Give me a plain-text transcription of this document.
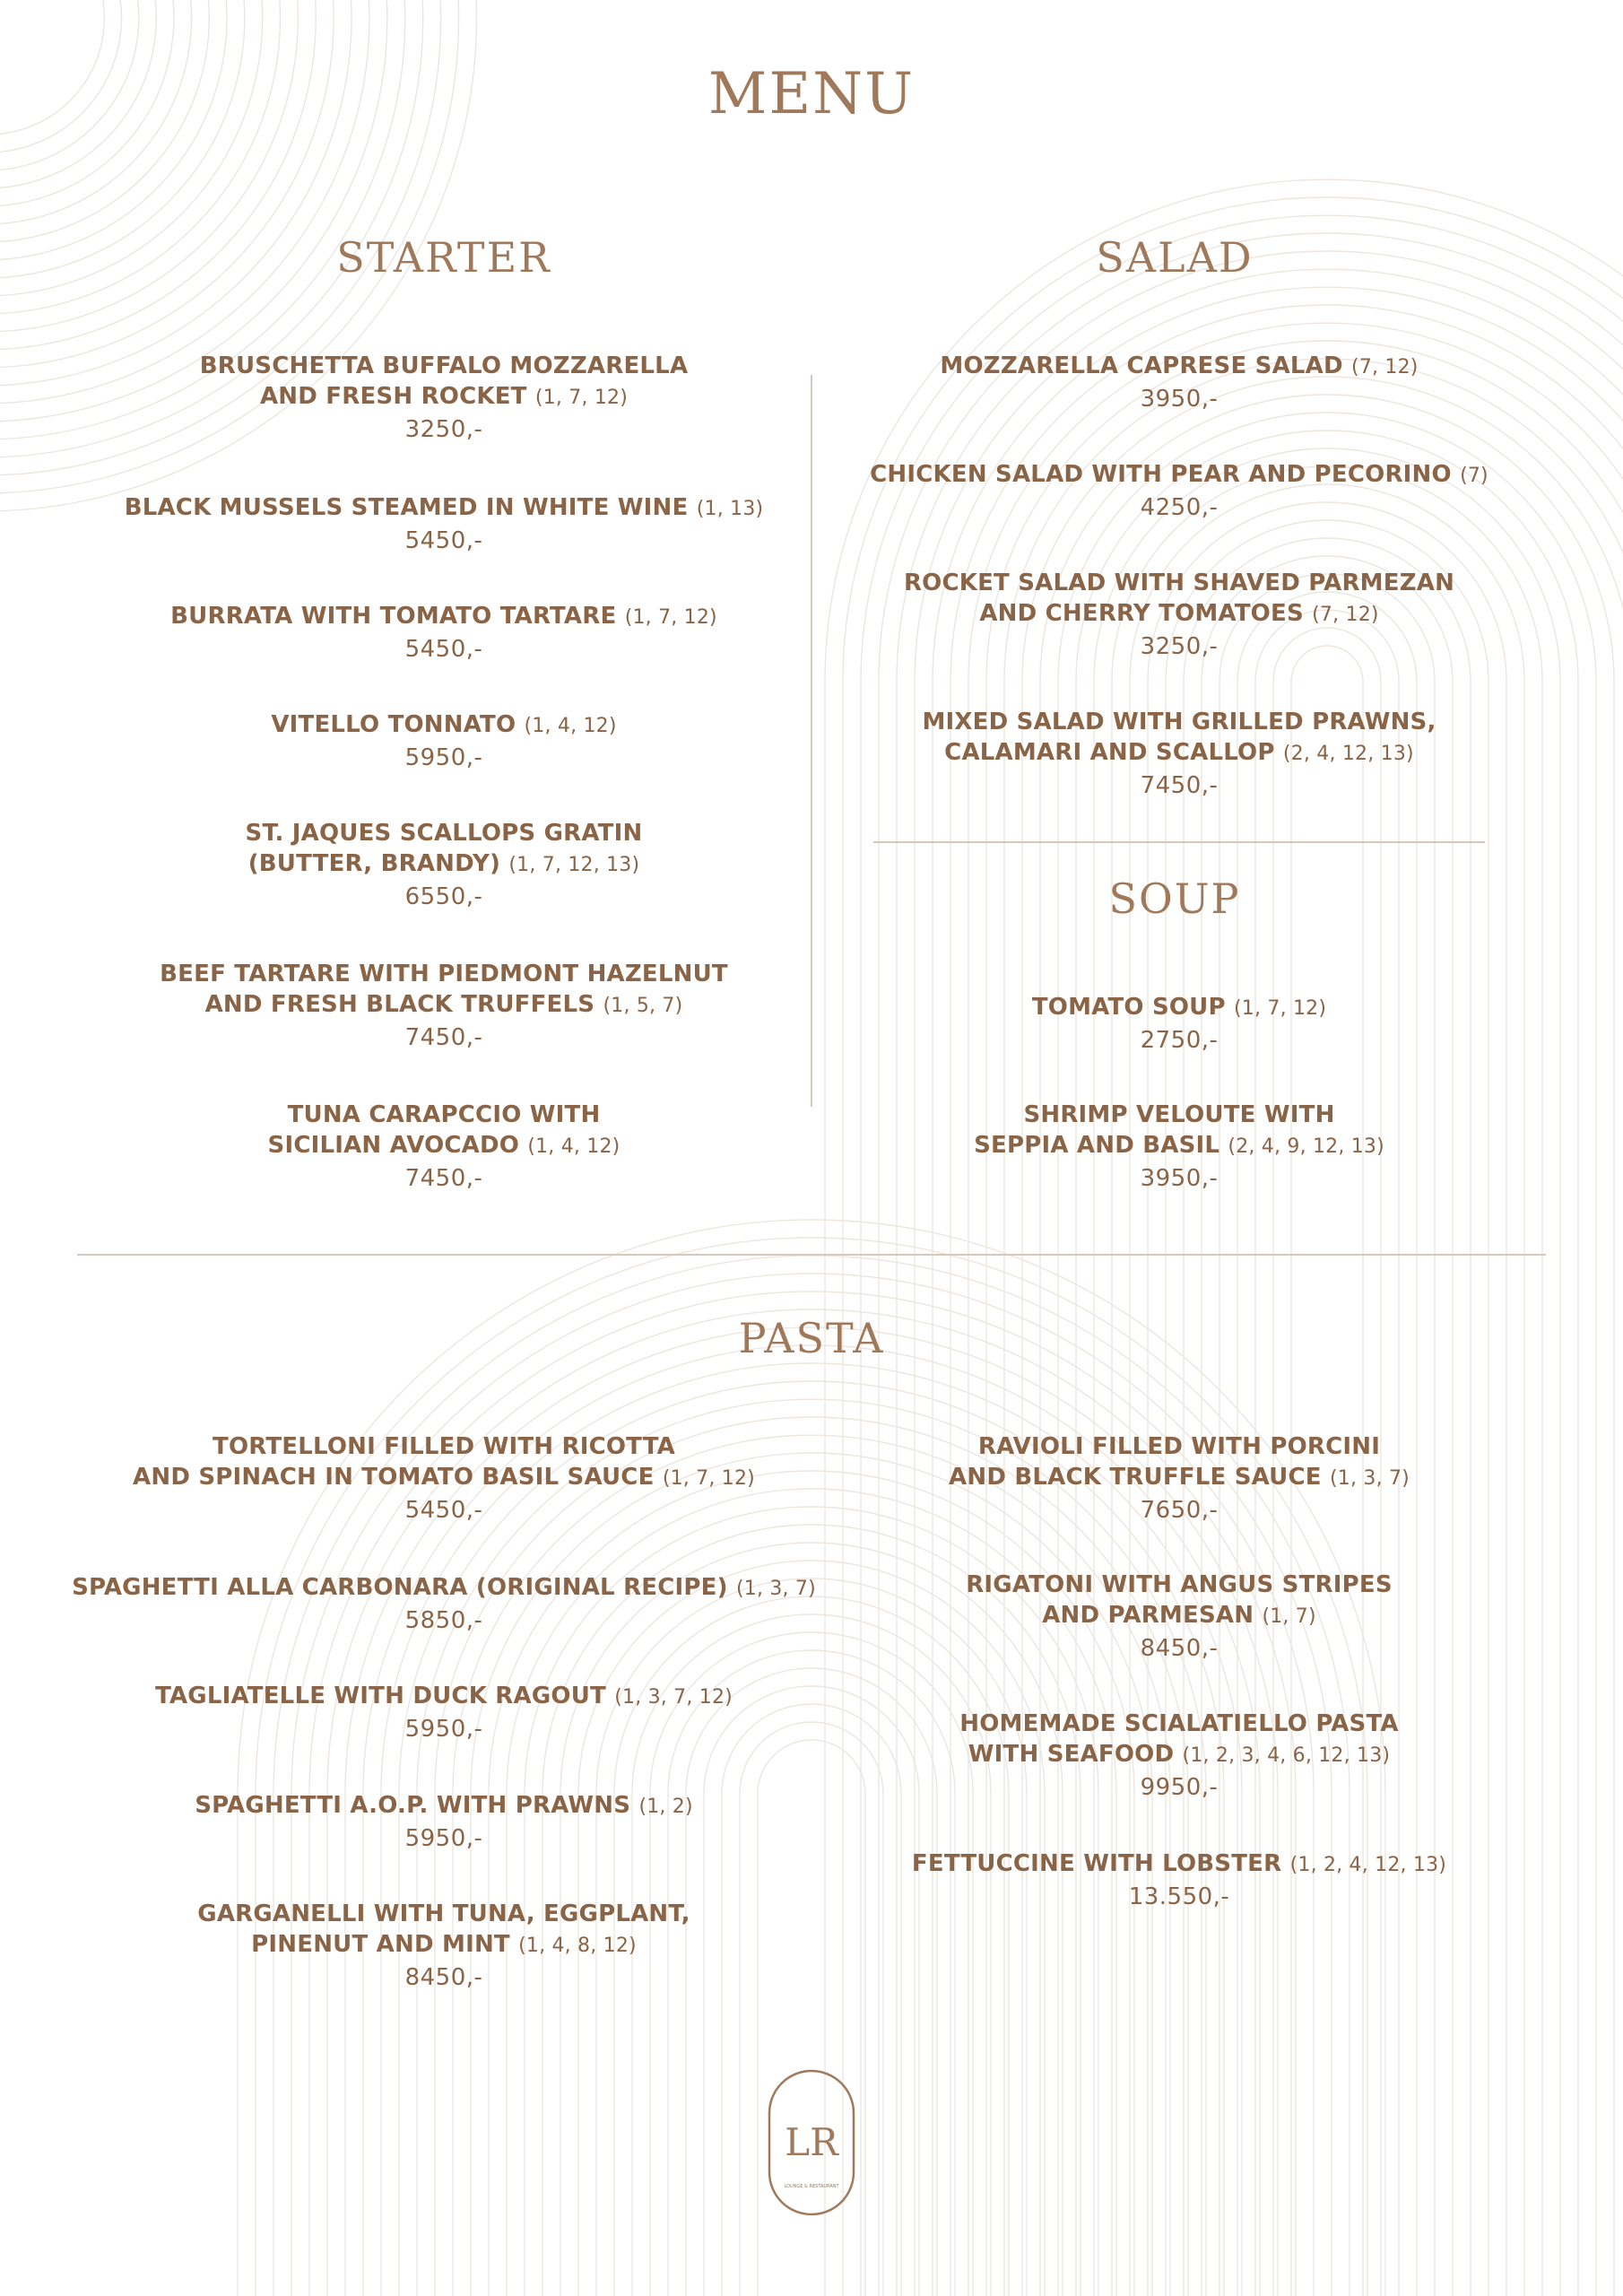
MENU
STARTER	SALAD
SOUP
PASTA
BRUSCHETTA BUFFALO MOZZARELLA
AND FRESH ROCKET (1, 7, 12)
3250,-
BLACK MUSSELS STEAMED IN WHITE WINE (1, 13)
5450,-
BURRATA WITH TOMATO TARTARE (1, 7, 12)
5450,-
VITELLO TONNATO (1, 4, 12)
5950,-
ST. JAQUES SCALLOPS GRATIN
(BUTTER, BRANDY) (1, 7, 12, 13)
6550,-
BEEF TARTARE WITH PIEDMONT HAZELNUT
AND FRESH BLACK TRUFFELS (1, 5, 7)
7450,-
TUNA CARAPCCIO WITH
SICILIAN AVOCADO (1, 4, 12)
7450,-
MOZZARELLA CAPRESE SALAD (7, 12)
3950,-
CHICKEN SALAD WITH PEAR AND PECORINO (7)
4250,-
ROCKET SALAD WITH SHAVED PARMEZAN
AND CHERRY TOMATOES (7, 12)
3250,-
MIXED SALAD WITH GRILLED PRAWNS,
CALAMARI AND SCALLOP (2, 4, 12, 13)
7450,-
TOMATO SOUP (1, 7, 12)
2750,-
SHRIMP VELOUTE WITH
SEPPIA AND BASIL (2, 4, 9, 12, 13)
3950,-
TORTELLONI FILLED WITH RICOTTA
AND SPINACH IN TOMATO BASIL SAUCE (1, 7, 12)
5450,-
SPAGHETTI ALLA CARBONARA (ORIGINAL RECIPE) (1, 3, 7)
5850,-
TAGLIATELLE WITH DUCK RAGOUT (1, 3, 7, 12)
5950,-
SPAGHETTI A.O.P. WITH PRAWNS (1, 2)
5950,-
GARGANELLI WITH TUNA, EGGPLANT,
PINENUT AND MINT (1, 4, 8, 12)
8450,-
RAVIOLI FILLED WITH PORCINI
AND BLACK TRUFFLE SAUCE (1, 3, 7)
7650,-
RIGATONI WITH ANGUS STRIPES
AND PARMESAN (1, 7)
8450,-
HOMEMADE SCIALATIELLO PASTA
WITH SEAFOOD (1, 2, 3, 4, 6, 12, 13)
9950,-
FETTUCCINE WITH LOBSTER (1, 2, 4, 12, 13)
13.550,-
LR
LOUNGE & RESTAURANT
